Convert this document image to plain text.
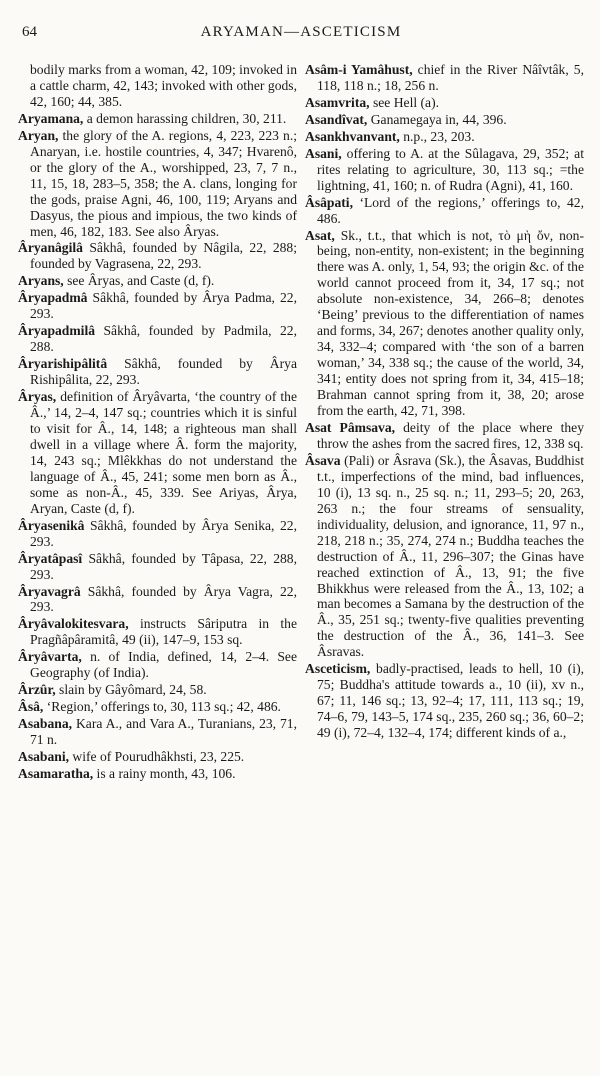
64	ARYAMAN—ASCETICISM

bodily marks from a woman, 42, 109; invoked in a cattle charm, 42, 143; invoked with other gods, 42, 160; 44, 385.

Aryamana, a demon harassing children, 30, 211.

Aryan, the glory of the A. regions, 4, 223, 223 n.; Anaryan, i.e. hostile countries, 4, 347; Hvarenô, or the glory of the A., worshipped, 23, 7, 7 n., 11, 15, 18, 283–5, 358; the A. clans, longing for the gods, praise Agni, 46, 100, 119; Aryans and Dasyus, the pious and impious, the two kinds of men, 46, 182, 183. See also Âryas.

Âryanâgilâ Sâkhâ, founded by Nâgila, 22, 288; founded by Vagrasena, 22, 293.

Aryans, see Âryas, and Caste (d, f).

Âryapadmâ Sâkhâ, founded by Ârya Padma, 22, 293.

Âryapadmilâ Sâkhâ, founded by Padmila, 22, 288.

Âryarishipâlitâ Sâkhâ, founded by Ârya Rishipâlita, 22, 293.

Âryas, definition of Âryâvarta, ‘the country of the Â.,’ 14, 2–4, 147 sq.; countries which it is sinful to visit for Â., 14, 148; a righteous man shall dwell in a village where Â. form the majority, 14, 243 sq.; Mlêkkhas do not understand the language of Â., 45, 241; some men born as Â., some as non-Â., 45, 339. See Ariyas, Ârya, Aryan, Caste (d, f).

Âryasenikâ Sâkhâ, founded by Ârya Senika, 22, 293.

Âryatâpasî Sâkhâ, founded by Tâpasa, 22, 288, 293.

Âryavagrâ Sâkhâ, founded by Ârya Vagra, 22, 293.

Âryâvalokitesvara, instructs Sâriputra in the Pragñâpâramitâ, 49 (ii), 147–9, 153 sq.

Âryâvarta, n. of India, defined, 14, 2–4. See Geography (of India).

Ârzûr, slain by Gâyômard, 24, 58.

Âsâ, ‘Region,’ offerings to, 30, 113 sq.; 42, 486.

Asabana, Kara A., and Vara A., Turanians, 23, 71, 71 n.

Asabani, wife of Pourudhâkhsti, 23, 225.

Asamaratha, is a rainy month, 43, 106.

Asâm-i Yamâhust, chief in the River Nâîvtâk, 5, 118, 118 n.; 18, 256 n.

Asamvrita, see Hell (a).

Asandîvat, Ganamegaya in, 44, 396.

Asankhvanvant, n.p., 23, 203.

Asani, offering to A. at the Sûlagava, 29, 352; at rites relating to agriculture, 30, 113 sq.; =the lightning, 41, 160; n. of Rudra (Agni), 41, 160.

Âsâpati, ‘Lord of the regions,’ offerings to, 42, 486.

Asat, Sk., t.t., that which is not, τὸ μὴ ὄν, non-being, non-entity, non-existent; in the beginning there was A. only, 1, 54, 93; the origin &c. of the world cannot proceed from it, 34, 17 sq.; not absolute non-existence, 34, 266–8; denotes ‘Being’ previous to the differentiation of names and forms, 34, 267; denotes another quality only, 34, 332–4; compared with ‘the son of a barren woman,’ 34, 338 sq.; the cause of the world, 34, 341; entity does not spring from it, 34, 415–18; Brahman cannot spring from it, 38, 20; arose from the earth, 42, 71, 398.

Asat Pâmsava, deity of the place where they throw the ashes from the sacred fires, 12, 338 sq.

Âsava (Pali) or Âsrava (Sk.), the Âsavas, Buddhist t.t., imperfections of the mind, bad influences, 10 (i), 13 sq. n., 25 sq. n.; 11, 293–5; 20, 263, 263 n.; the four streams of sensuality, individuality, delusion, and ignorance, 11, 97 n., 218, 218 n.; 35, 274, 274 n.; Buddha teaches the destruction of Â., 11, 296–307; the Ginas have reached extinction of Â., 13, 91; the five Bhikkhus were released from the Â., 13, 102; a man becomes a Samana by the destruction of the Â., 35, 251 sq.; twenty-five qualities preventing the destruction of the Â., 36, 141–3. See Âsravas.

Asceticism, badly-practised, leads to hell, 10 (i), 75; Buddha's attitude towards a., 10 (ii), xv n., 67; 11, 146 sq.; 13, 92–4; 17, 111, 113 sq.; 19, 74–6, 79, 143–5, 174 sq., 235, 260 sq.; 36, 60–2; 49 (i), 72–4, 132–4, 174; different kinds of a.,
